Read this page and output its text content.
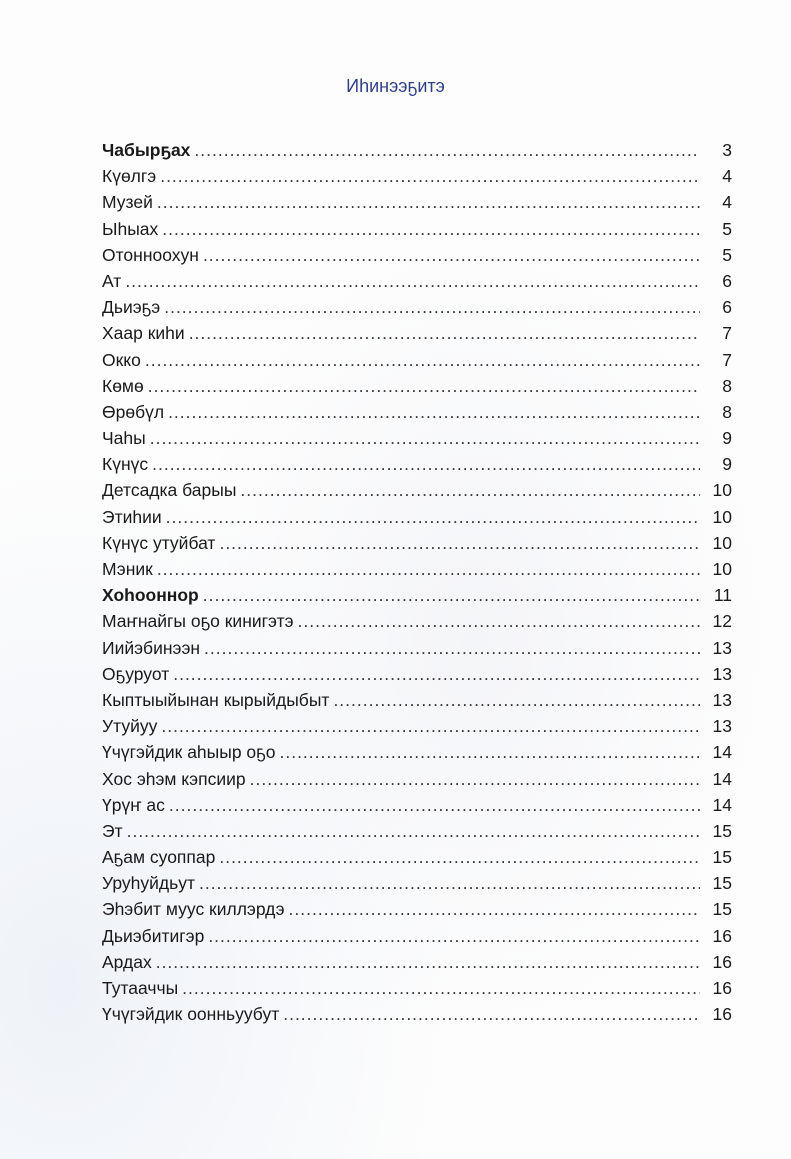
Иһинээҕитэ
Чабырҕах .....	3
Күөлгэ .....	4
Музей .....	4
Ыһыах .....	5
Отонноохун .....	5
Ат .....	6
Дьиэҕэ .....	6
Хаар киһи .....	7
Окко .....	7
Көмө .....	8
Өрөбүл .....	8
Чаһы .....	9
Күнүс .....	9
Детсадка барыы .....	10
Этиһии .....	10
Күнүс утуйбат .....	10
Мэник .....	10
Хоһооннор .....	11
Маҥнайгы оҕо кинигэтэ .....	12
Иийэбинээн .....	13
Оҕуруот .....	13
Кыптыыйынан кырыйдыбыт .....	13
Утуйуу .....	13
Үчүгэйдик аһыыр оҕо .....	14
Хос эһэм кэпсиир .....	14
Үрүҥ ас .....	14
Эт .....	15
Аҕам суоппар .....	15
Уруһуйдьут .....	15
Эһэбит муус киллэрдэ .....	15
Дьиэбитигэр .....	16
Ардах .....	16
Тутааччы .....	16
Үчүгэйдик оонньуубут .....	16
